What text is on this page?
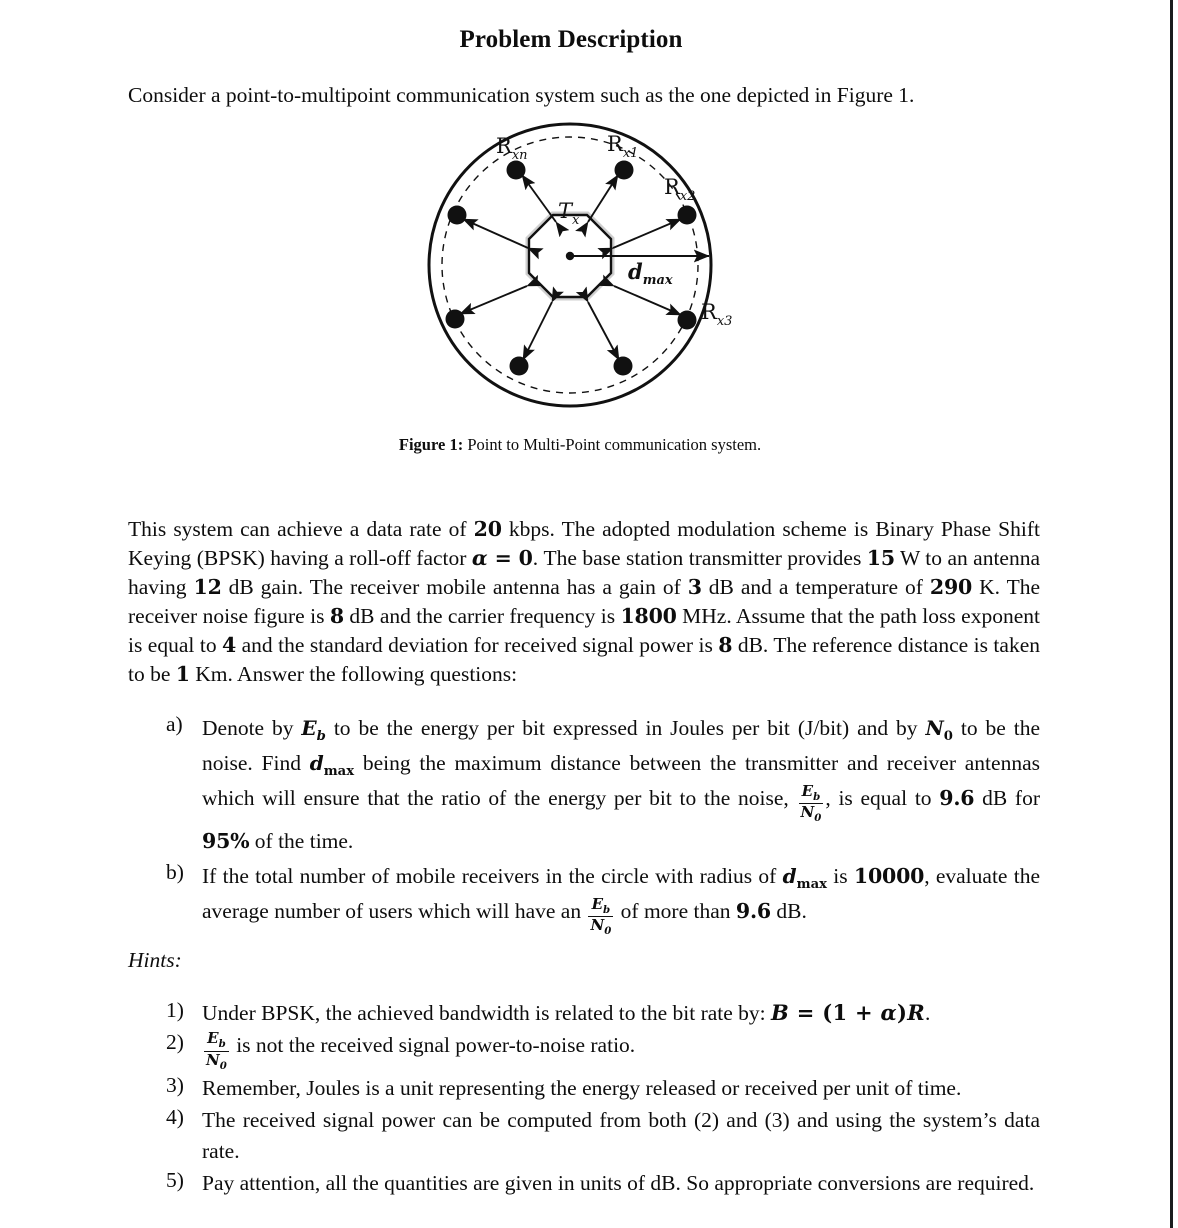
Problem Description
Consider a point-to-multipoint communication system such as the one depicted in Figure 1.
$R_{xn}$	$R_{x1}$
$R_{x2}$
$R_{x3}$
$T_x$
$d_{max}$
Figure 1: Point to Multi-Point communication system.
This system can achieve a data rate of 20 kbps. The adopted modulation scheme is Binary Phase Shift Keying (BPSK) having a roll-off factor α = 0. The base station transmitter provides 15 W to an antenna having 12 dB gain. The receiver mobile antenna has a gain of 3 dB and a temperature of 290 K. The receiver noise figure is 8 dB and the carrier frequency is 1800 MHz. Assume that the path loss exponent is equal to 4 and the standard deviation for received signal power is 8 dB. The reference distance is taken to be 1 Km. Answer the following questions:
a) Denote by $E_b$ to be the energy per bit expressed in Joules per bit (J/bit) and by $N_0$ to be the noise. Find $d_{max}$ being the maximum distance between the transmitter and receiver antennas which will ensure that the ratio of the energy per bit to the noise, $\frac{E_b}{N_0}$ , is equal to 9.6 dB for 95% of the time.
b) If the total number of mobile receivers in the circle with radius of $d_{max}$ is 10000, evaluate the average number of users which will have an $\frac{E_b}{N_0}$ of more than 9.6 dB.
Hints:
1) Under BPSK, the achieved bandwidth is related to the bit rate by: B = (1 + α)R.
2)	$\frac{E_b}{N_0}$ is not the received signal power-to-noise ratio.
3) Remember, Joules is a unit representing the energy released or received per unit of time.
4) The received signal power can be computed from both (2) and (3) and using the system’s data rate.
5) Pay attention, all the quantities are given in units of dB. So appropriate conversions are required.
